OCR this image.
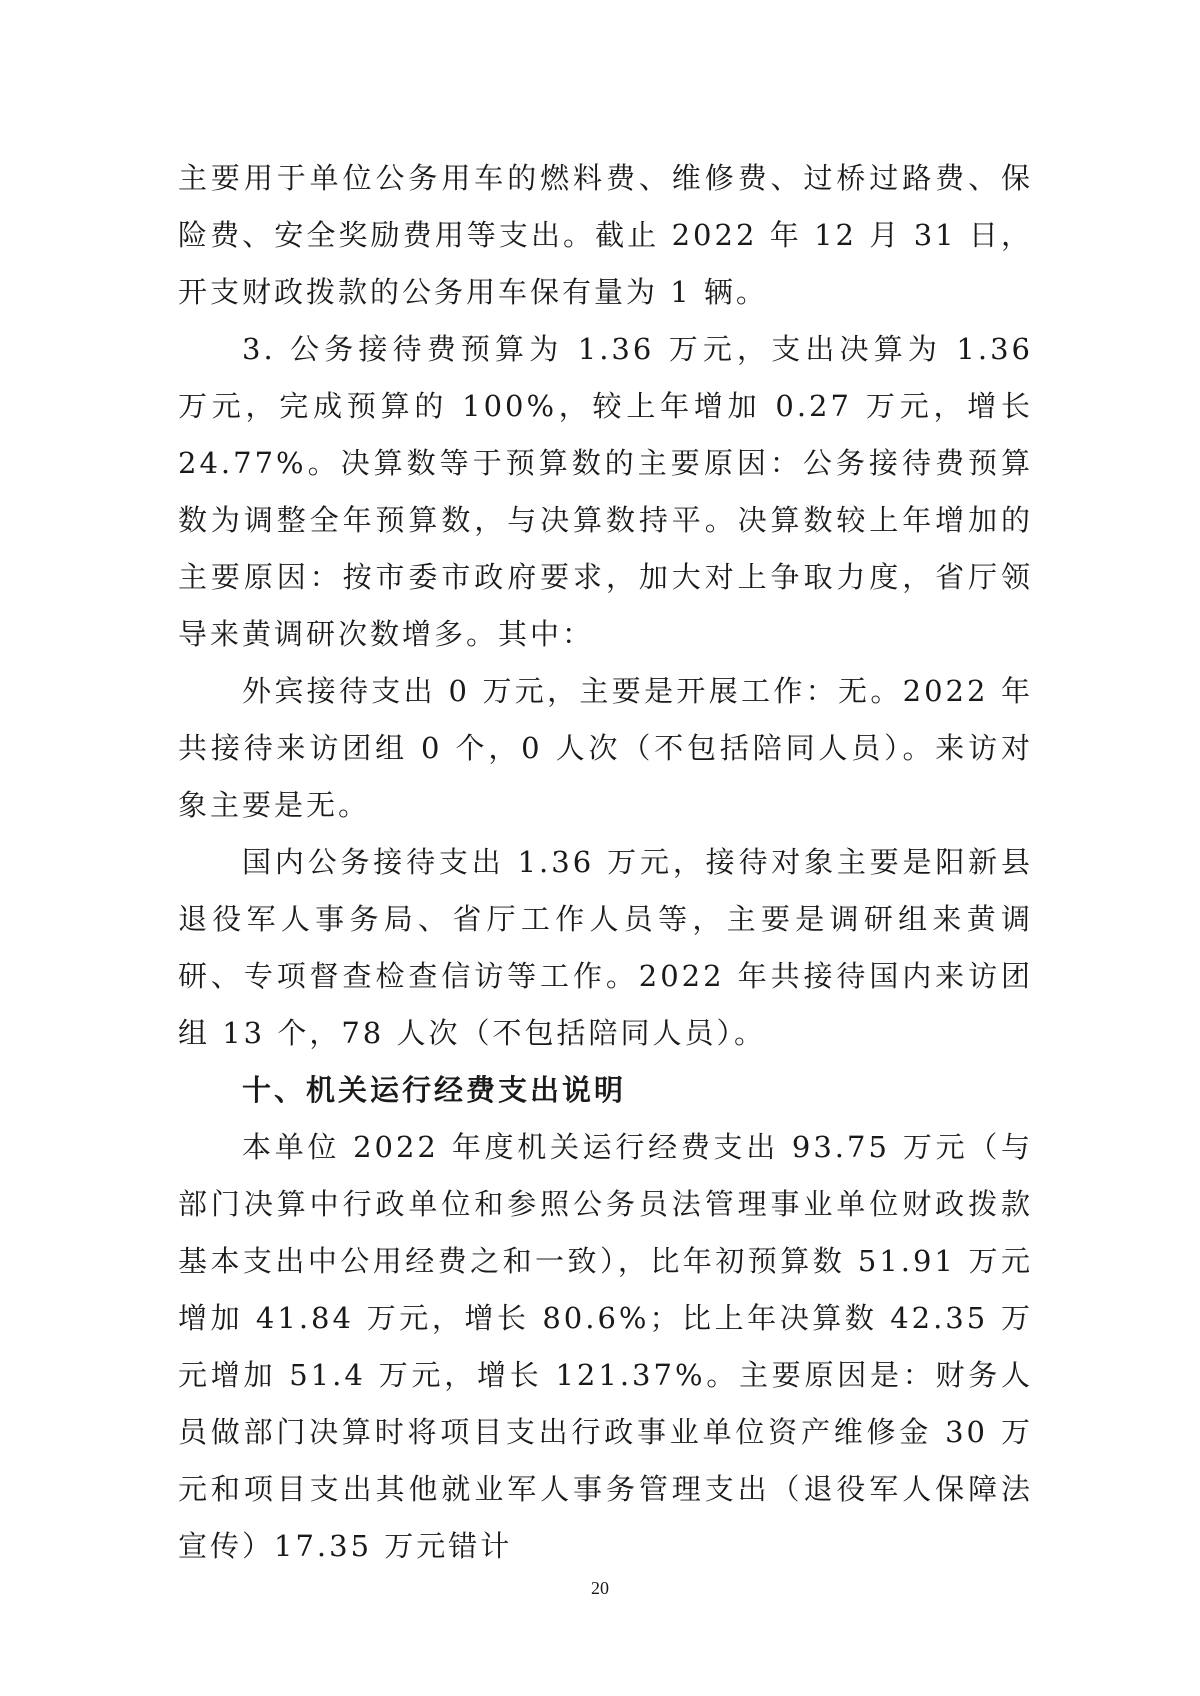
主要用于单位公务用车的燃料费、维修费、过桥过路费、保险费、安全奖励费用等支出。截止 2022 年 12 月 31 日，开支财政拨款的公务用车保有量为 1 辆。

3. 公务接待费预算为 1.36 万元，支出决算为 1.36 万元，完成预算的 100%，较上年增加 0.27 万元，增长 24.77%。决算数等于预算数的主要原因：公务接待费预算数为调整全年预算数，与决算数持平。决算数较上年增加的主要原因：按市委市政府要求，加大对上争取力度，省厅领导来黄调研次数增多。其中：

外宾接待支出 0 万元，主要是开展工作：无。2022 年共接待来访团组 0 个，0 人次（不包括陪同人员）。来访对象主要是无。

国内公务接待支出 1.36 万元，接待对象主要是阳新县退役军人事务局、省厅工作人员等，主要是调研组来黄调研、专项督查检查信访等工作。2022 年共接待国内来访团组 13 个，78 人次（不包括陪同人员）。

十、机关运行经费支出说明

本单位 2022 年度机关运行经费支出 93.75 万元（与部门决算中行政单位和参照公务员法管理事业单位财政拨款基本支出中公用经费之和一致），比年初预算数 51.91 万元增加 41.84 万元，增长 80.6%；比上年决算数 42.35 万元增加 51.4 万元，增长 121.37%。主要原因是：财务人员做部门决算时将项目支出行政事业单位资产维修金 30 万元和项目支出其他就业军人事务管理支出（退役军人保障法宣传）17.35 万元错计

20
